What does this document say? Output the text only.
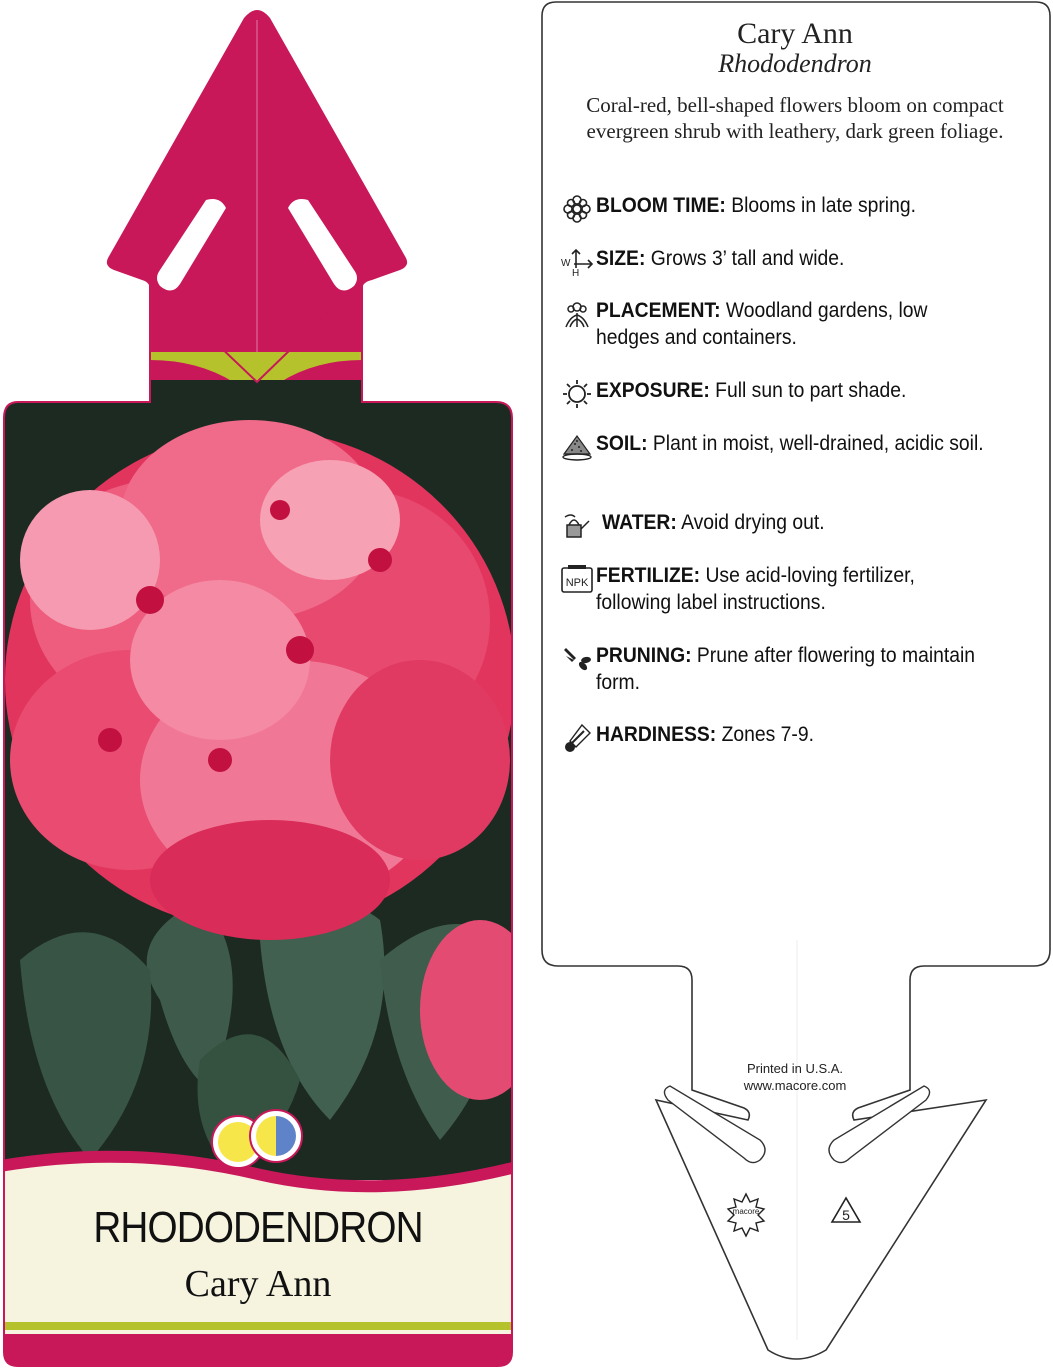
RHODODENDRON
Cary Ann
macore	5
Cary Ann
Rhododendron
Coral-red, bell-shaped flowers bloom on compact evergreen shrub with leathery, dark green foliage.
BLOOM TIME: Blooms in late spring.
W
H
SIZE: Grows 3’ tall and wide.
PLACEMENT: Woodland gardens, low hedges and containers.
EXPOSURE: Full sun to part shade.
SOIL: Plant in moist, well-drained, acidic soil.
WATER: Avoid drying out.
NPK FERTILIZE: Use acid-loving fertilizer, following label instructions.
PRUNING: Prune after flowering to maintain form.
HARDINESS: Zones 7-9.
Printed in U.S.A.
www.macore.com
